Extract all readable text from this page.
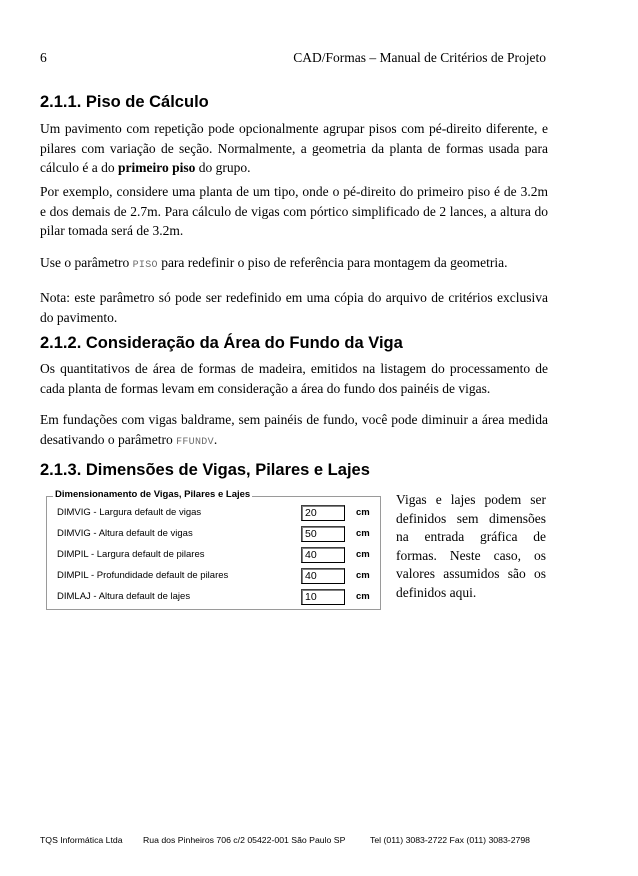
6	CAD/Formas – Manual de Critérios de Projeto
2.1.1. Piso de Cálculo

Um pavimento com repetição pode opcionalmente agrupar pisos com pé-direito diferente, e pilares com variação de seção. Normalmente, a geometria da planta de formas usada para cálculo é a do primeiro piso do grupo.

Por exemplo, considere uma planta de um tipo, onde o pé-direito do primeiro piso é de 3.2m e dos demais de 2.7m. Para cálculo de vigas com pórtico simplificado de 2 lances, a altura do pilar tomada será de 3.2m.

Use o parâmetro PISO para redefinir o piso de referência para montagem da geometria.

Nota: este parâmetro só pode ser redefinido em uma cópia do arquivo de critérios exclusiva do pavimento.

2.1.2. Consideração da Área do Fundo da Viga

Os quantitativos de área de formas de madeira, emitidos na listagem do processamento de cada planta de formas levam em consideração a área do fundo dos painéis de vigas.

Em fundações com vigas baldrame, sem painéis de fundo, você pode diminuir a área medida desativando o parâmetro FFUNDV.

2.1.3. Dimensões de Vigas, Pilares e Lajes
Dimensionamento de Vigas, Pilares e Lajes
DIMVIG - Largura default de vigas	20	cm
DIMVIG - Altura default de vigas	50	cm
DIMPIL - Largura default de pilares	40	cm
DIMPIL - Profundidade default de pilares	40	cm
DIMLAJ - Altura default de lajes	10	cm

Vigas e lajes podem ser definidos sem dimensões na entrada gráfica de formas. Neste caso, os valores assumidos são os definidos aqui.

TQS Informática Ltda Rua dos Pinheiros 706 c/2 05422-001 São Paulo SP	Tel (011) 3083-2722 Fax (011) 3083-2798
